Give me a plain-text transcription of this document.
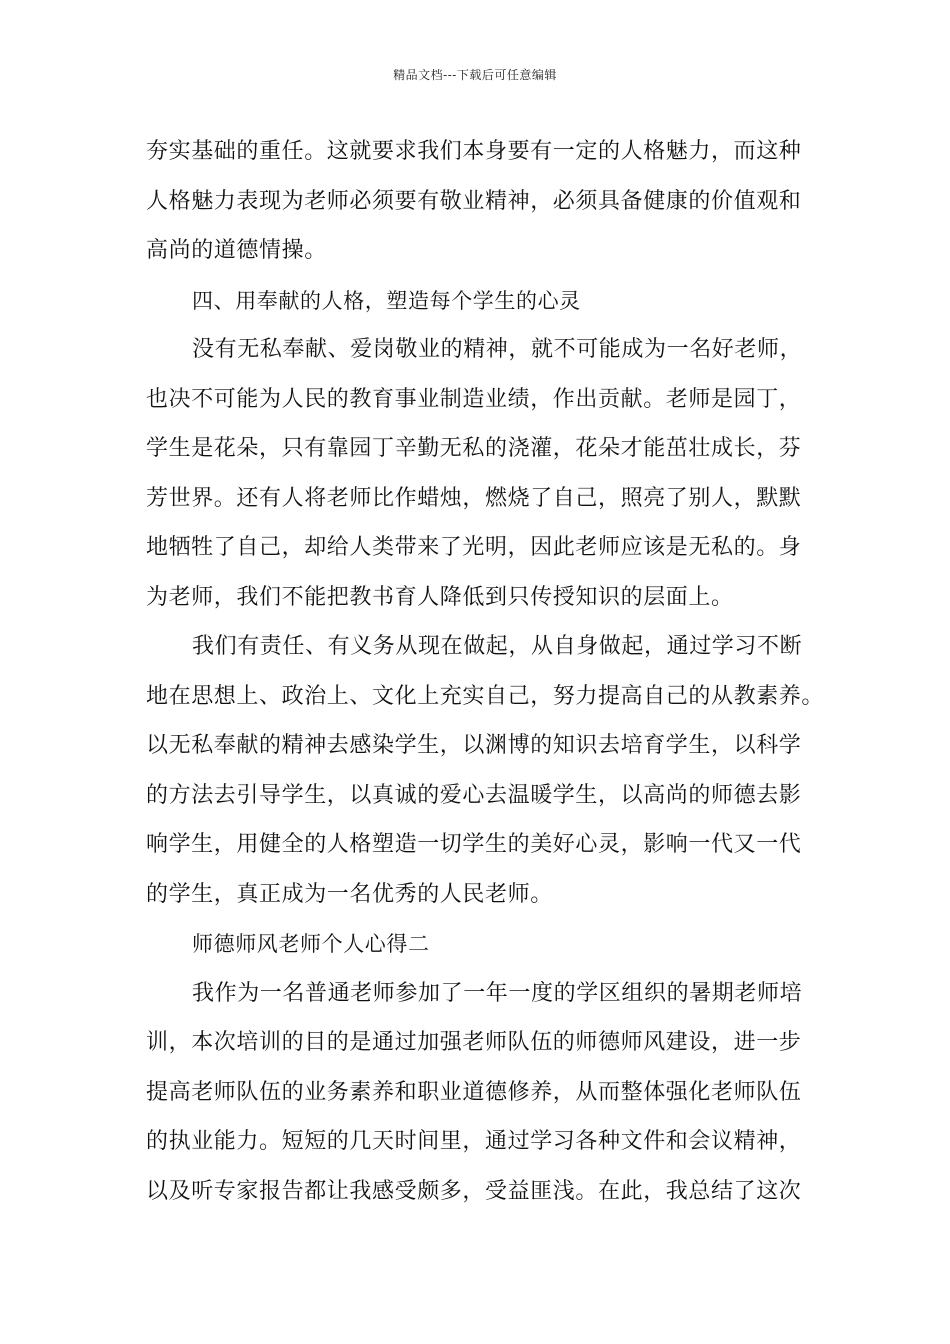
精品文档---下载后可任意编辑
夯实基础的重任。这就要求我们本身要有一定的人格魅力，而这种
人格魅力表现为老师必须要有敬业精神，必须具备健康的价值观和
高尚的道德情操。
四、用奉献的人格，塑造每个学生的心灵
没有无私奉献、爱岗敬业的精神，就不可能成为一名好老师，
也决不可能为人民的教育事业制造业绩，作出贡献。老师是园丁，
学生是花朵，只有靠园丁辛勤无私的浇灌，花朵才能茁壮成长，芬
芳世界。还有人将老师比作蜡烛，燃烧了自己，照亮了别人，默默
地牺牲了自己，却给人类带来了光明，因此老师应该是无私的。身
为老师，我们不能把教书育人降低到只传授知识的层面上。
我们有责任、有义务从现在做起，从自身做起，通过学习不断
地在思想上、政治上、文化上充实自己，努力提高自己的从教素养。
以无私奉献的精神去感染学生，以渊博的知识去培育学生，以科学
的方法去引导学生，以真诚的爱心去温暖学生，以高尚的师德去影
响学生，用健全的人格塑造一切学生的美好心灵，影响一代又一代
的学生，真正成为一名优秀的人民老师。
师德师风老师个人心得二
我作为一名普通老师参加了一年一度的学区组织的暑期老师培
训，本次培训的目的是通过加强老师队伍的师德师风建设，进一步
提高老师队伍的业务素养和职业道德修养，从而整体强化老师队伍
的执业能力。短短的几天时间里，通过学习各种文件和会议精神，
以及听专家报告都让我感受颇多，受益匪浅。在此，我总结了这次
